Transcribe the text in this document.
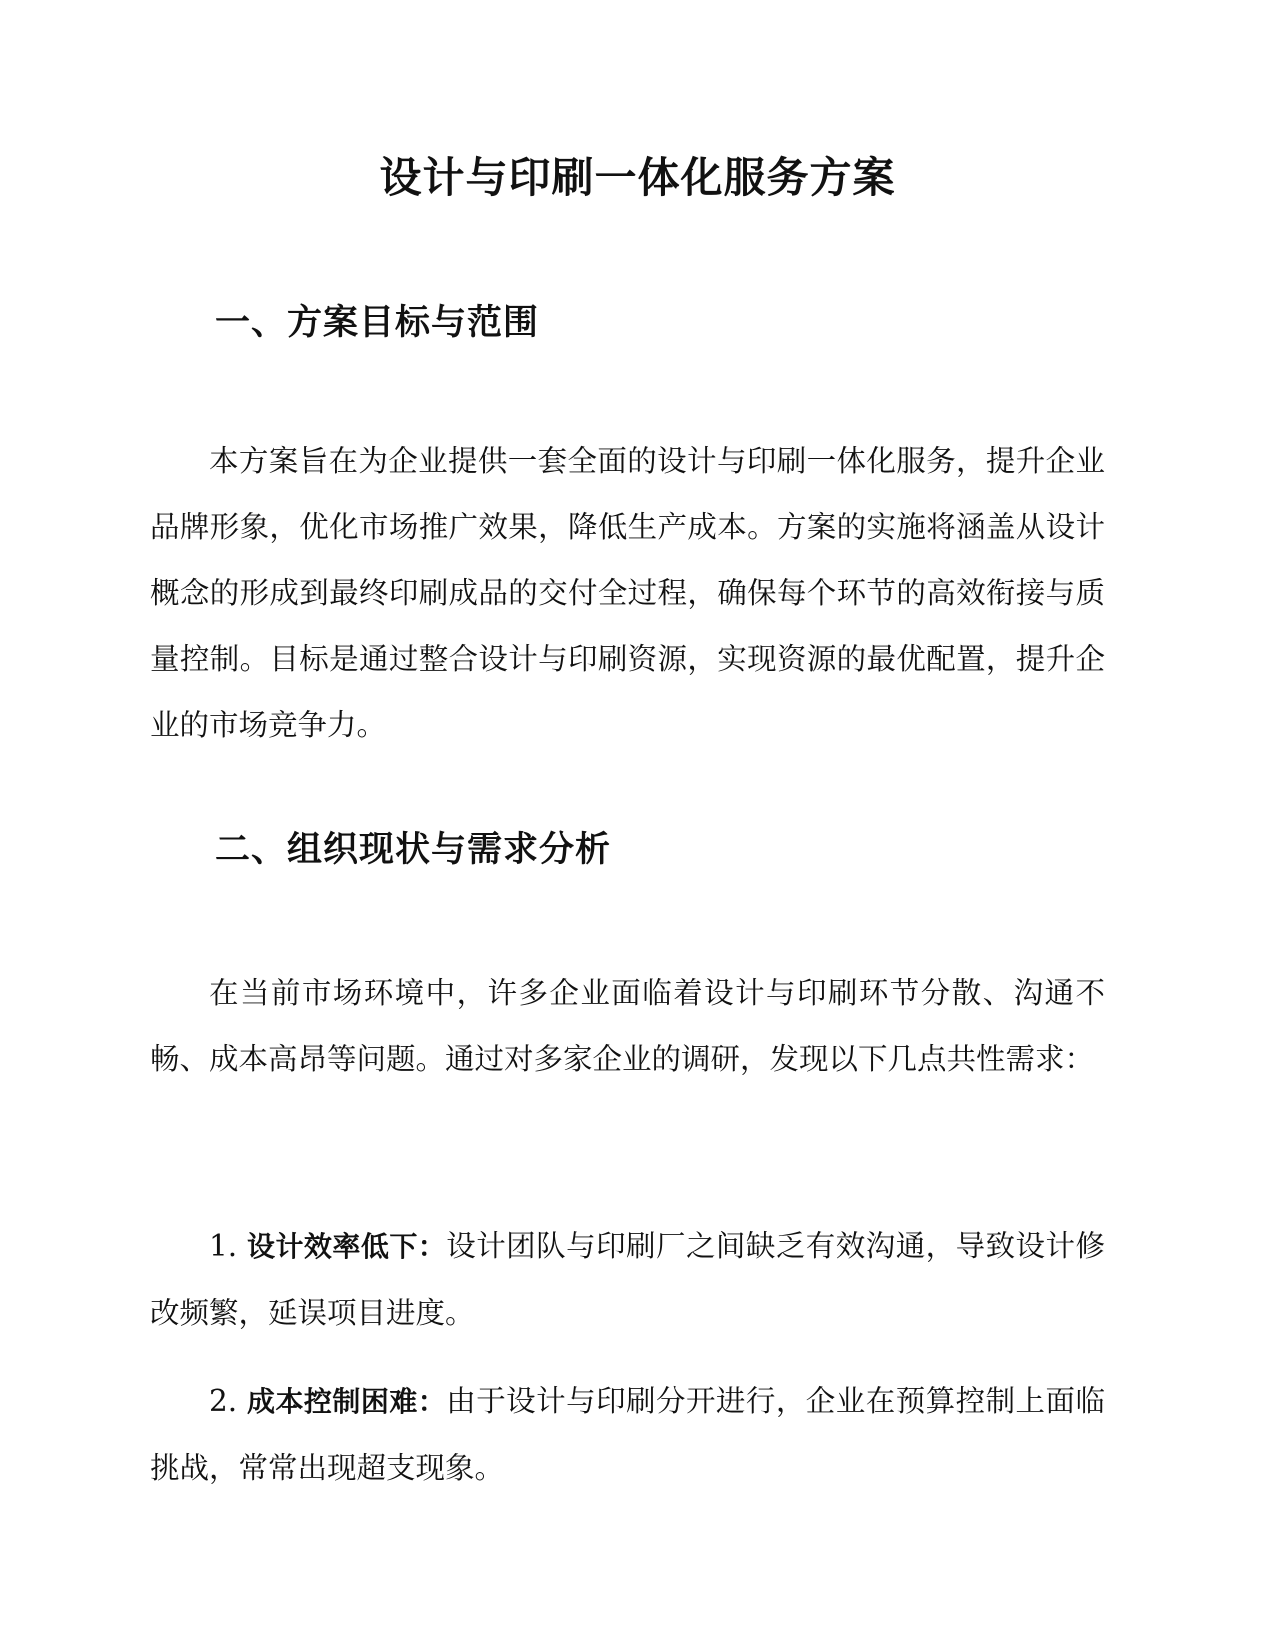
设计与印刷一体化服务方案
一、方案目标与范围

本方案旨在为企业提供一套全面的设计与印刷一体化服务，提升企业品牌形象，优化市场推广效果，降低生产成本。方案的实施将涵盖从设计概念的形成到最终印刷成品的交付全过程，确保每个环节的高效衔接与质量控制。目标是通过整合设计与印刷资源，实现资源的最优配置，提升企业的市场竞争力。

二、组织现状与需求分析

在当前市场环境中，许多企业面临着设计与印刷环节分散、沟通不畅、成本高昂等问题。通过对多家企业的调研，发现以下几点共性需求：

1. 设计效率低下：设计团队与印刷厂之间缺乏有效沟通，导致设计修改频繁，延误项目进度。

2. 成本控制困难：由于设计与印刷分开进行，企业在预算控制上面临挑战，常常出现超支现象。
